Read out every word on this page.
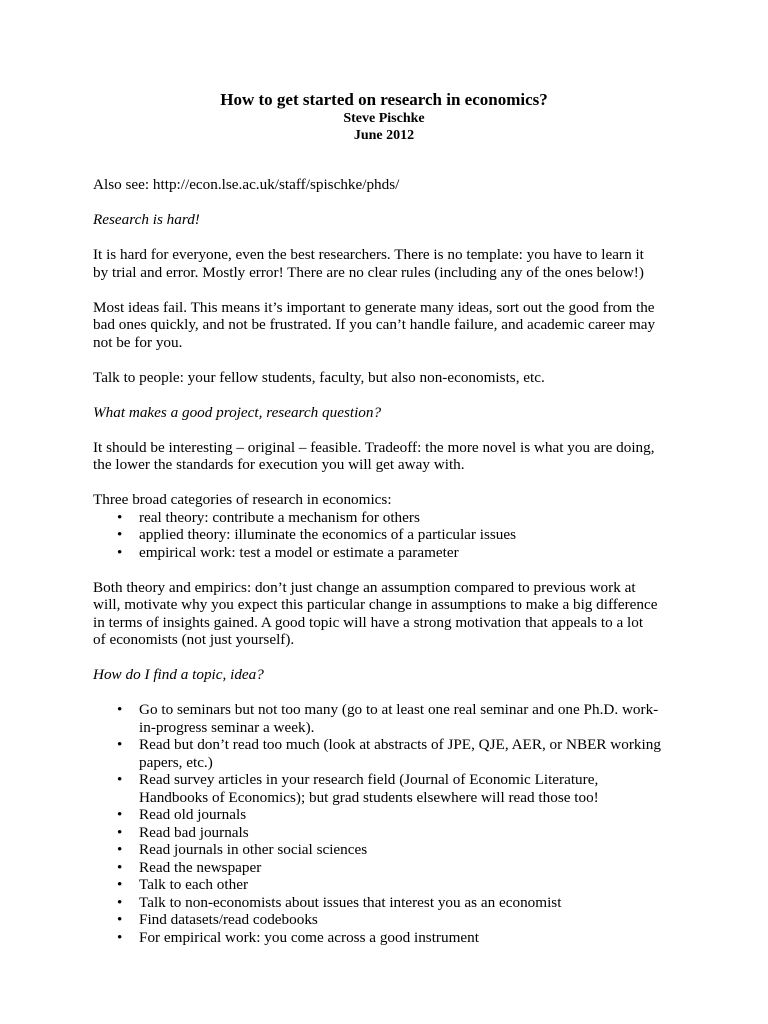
How to get started on research in economics?
Steve Pischke
June 2012

Also see: http://econ.lse.ac.uk/staff/spischke/phds/

Research is hard!

It is hard for everyone, even the best researchers. There is no template: you have to learn it
by trial and error. Mostly error! There are no clear rules (including any of the ones below!)

Most ideas fail. This means it’s important to generate many ideas, sort out the good from the
bad ones quickly, and not be frustrated. If you can’t handle failure, and academic career may
not be for you.

Talk to people: your fellow students, faculty, but also non-economists, etc.

What makes a good project, research question?

It should be interesting – original – feasible. Tradeoff: the more novel is what you are doing,
the lower the standards for execution you will get away with.

Three broad categories of research in economics:
• real theory: contribute a mechanism for others
• applied theory: illuminate the economics of a particular issues
• empirical work: test a model or estimate a parameter

Both theory and empirics: don’t just change an assumption compared to previous work at
will, motivate why you expect this particular change in assumptions to make a big difference
in terms of insights gained. A good topic will have a strong motivation that appeals to a lot
of economists (not just yourself).

How do I find a topic, idea?

• Go to seminars but not too many (go to at least one real seminar and one Ph.D. work-
in-progress seminar a week).
• Read but don’t read too much (look at abstracts of JPE, QJE, AER, or NBER working
papers, etc.)
• Read survey articles in your research field (Journal of Economic Literature,
Handbooks of Economics); but grad students elsewhere will read those too!
• Read old journals
• Read bad journals
• Read journals in other social sciences
• Read the newspaper
• Talk to each other
• Talk to non-economists about issues that interest you as an economist
• Find datasets/read codebooks
• For empirical work: you come across a good instrument
